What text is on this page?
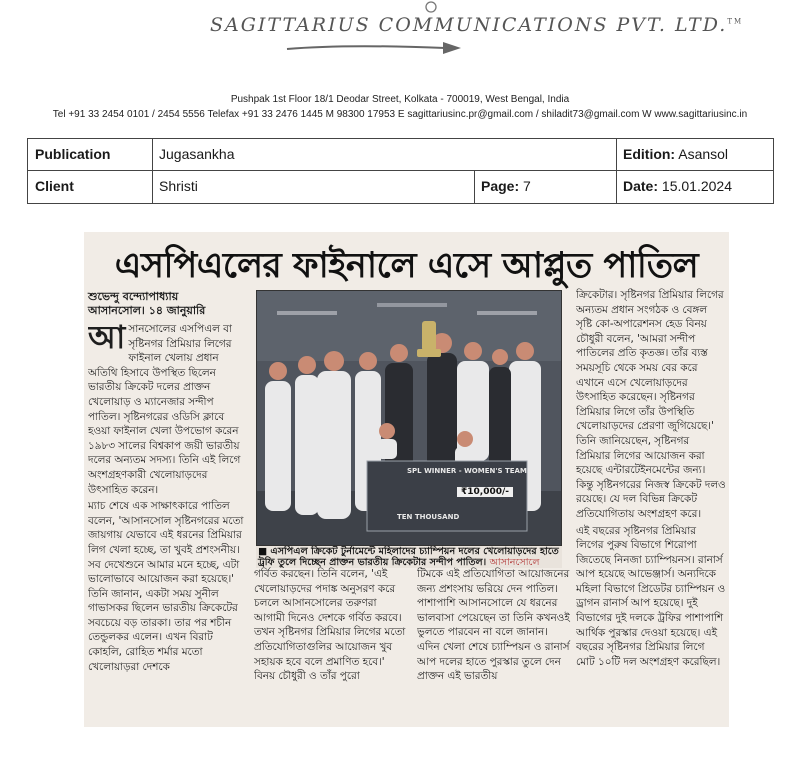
SAGITTARIUS COMMUNICATIONS PVT. LTD.™
Pushpak 1st Floor 18/1 Deodar Street, Kolkata - 700019, West Bengal, India
Tel +91 33 2454 0101 / 2454 5556 Telefax +91 33 2476 1445 M 98300 17953 E sagittariusinc.pr@gmail.com / shiladit73@gmail.com W www.sagittariusinc.in
Publication	Jugasankha	Edition: Asansol
Client	Shristi	Page: 7	Date: 15.01.2024
এসপিএলের ফাইনালে এসে আপ্লুত পাতিল
শুভেন্দু বন্দ্যোপাধ্যায়
আসানসোল। ১৪ জানুয়ারি

আসানসোলের এসপিএল বা সৃষ্টিনগর প্রিমিয়ার লিগের ফাইনাল খেলায় প্রধান অতিথি হিসাবে উপস্থিত ছিলেন ভারতীয় ক্রিকেট দলের প্রাক্তন খেলোয়াড় ও ম্যানেজার সন্দীপ পাতিল। সৃষ্টিনগরের ওডিসি ক্লাবে হওয়া ফাইনাল খেলা উপভোগ করেন ১৯৮৩ সালের বিশ্বকাপ জয়ী ভারতীয় দলের অন্যতম সদস্য। তিনি এই লিগে অংশগ্রহণকারী খেলোয়াড়দের উৎসাহিত করেন।

ম্যাচ শেষে এক সাক্ষাৎকারে পাতিল বলেন, 'আসানসোল সৃষ্টিনগরের মতো জায়গায় যেভাবে এই ধরনের প্রিমিয়ার লিগ খেলা হচ্ছে, তা খুবই প্রশংসনীয়। সব দেখেশুনে আমার মনে হচ্ছে, এটা ভালোভাবে আয়োজন করা হয়েছে।' তিনি জানান, একটা সময় সুনীল গাভাসকর ছিলেন ভারতীয় ক্রিকেটের সবচেয়ে বড় তারকা। তার পর শচীন তেন্ডুলকর এলেন। এখন বিরাট কোহলি, রোহিত শর্মার মতো খেলোয়াড়রা দেশকে

SPL WINNER - WOMEN'S TEAM
₹10,000/-
TEN THOUSAND
■ এসপিএল ক্রিকেট টুর্নামেন্টে মহিলাদের চ্যাম্পিয়ন দলের খেলোয়াড়দের হাতে ট্রফি তুলে দিচ্ছেন প্রাক্তন ভারতীয় ক্রিকেটার সন্দীপ পাতিল। আসানসোলে
গর্বিত করছেন। তিনি বলেন, 'এই খেলোয়াড়দের পদাঙ্ক অনুসরণ করে চললে আসানসোলের তরুণরা আগামী দিনেও দেশকে গর্বিত করবে। তখন সৃষ্টিনগর প্রিমিয়ার লিগের মতো প্রতিযোগিতাগুলির আয়োজন খুব সহায়ক হবে বলে প্রমাণিত হবে।' বিনয় চৌধুরী ও তাঁর পুরো
টিমকে এই প্রতিযোগিতা আয়োজনের জন্য প্রশংসায় ভরিয়ে দেন পাতিল। পাশাপাশি আসানসোলে যে ধরনের ভালবাসা পেয়েছেন তা তিনি কখনওই ভুলতে পারবেন না বলে জানান। এদিন খেলা শেষে চ্যাম্পিয়ন ও রানার্স আপ দলের হাতে পুরস্কার তুলে দেন প্রাক্তন এই ভারতীয়

ক্রিকেটার। সৃষ্টিনগর প্রিমিয়ার লিগের অন্যতম প্রধান সংগঠক ও বেঙ্গল সৃষ্টি কো-অপারেশনস হেড বিনয় চৌধুরী বলেন, 'আমরা সন্দীপ পাতিলের প্রতি কৃতজ্ঞ। তাঁর ব্যস্ত সময়সূচি থেকে সময় বের করে এখানে এসে খেলোয়াড়দের উৎসাহিত করেছেন। সৃষ্টিনগর প্রিমিয়ার লিগে তাঁর উপস্থিতি খেলোয়াড়দের প্রেরণা জুগিয়েছে।' তিনি জানিয়েছেন, সৃষ্টিনগর প্রিমিয়ার লিগের আয়োজন করা হয়েছে এন্টারটেইনমেন্টের জন্য। কিন্তু সৃষ্টিনগরের নিজস্ব ক্রিকেট দলও রয়েছে। যে দল বিভিন্ন ক্রিকেট প্রতিযোগিতায় অংশগ্রহণ করে।

এই বছরের সৃষ্টিনগর প্রিমিয়ার লিগের পুরুষ বিভাগে শিরোপা জিতেছে নিনজা চ্যাম্পিয়নস। রানার্স আপ হয়েছে আভেঞ্জার্স। অন্যদিকে মহিলা বিভাগে প্রিডেটর চ্যাম্পিয়ন ও ড্রাগন রানার্স আপ হয়েছে। দুই বিভাগের দুই দলকে ট্রফির পাশাপাশি আর্থিক পুরস্কার দেওয়া হয়েছে। এই বছরের সৃষ্টিনগর প্রিমিয়ার লিগে মোট ১০টি দল অংশগ্রহণ করেছিল।
